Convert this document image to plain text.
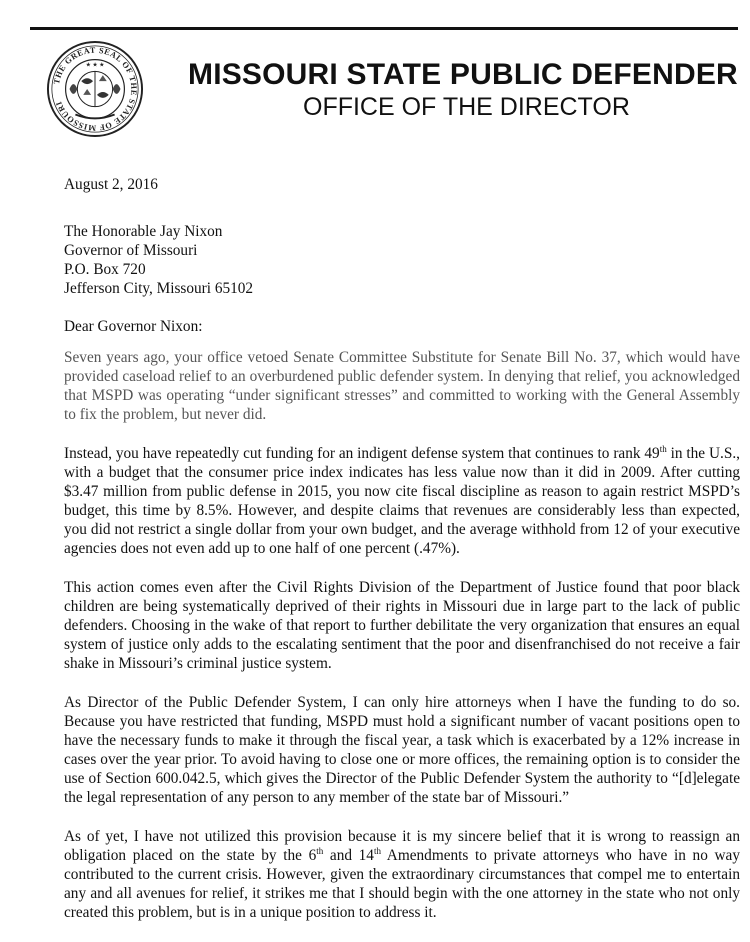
THE GREAT SEAL OF THE STATE OF MISSOURI
★ ★ ★	MISSOURI STATE PUBLIC DEFENDER
OFFICE OF THE DIRECTOR
August 2, 2016
The Honorable Jay Nixon
Governor of Missouri
P.O. Box 720
Jefferson City, Missouri 65102
Dear Governor Nixon:
Seven years ago, your office vetoed Senate Committee Substitute for Senate Bill No. 37, which would have provided caseload relief to an overburdened public defender system. In denying that relief, you acknowledged that MSPD was operating “under significant stresses” and committed to working with the General Assembly to fix the problem, but never did.
Instead, you have repeatedly cut funding for an indigent defense system that continues to rank 49th in the U.S., with a budget that the consumer price index indicates has less value now than it did in 2009. After cutting $3.47 million from public defense in 2015, you now cite fiscal discipline as reason to again restrict MSPD’s budget, this time by 8.5%. However, and despite claims that revenues are considerably less than expected, you did not restrict a single dollar from your own budget, and the average withhold from 12 of your executive agencies does not even add up to one half of one percent (.47%).
This action comes even after the Civil Rights Division of the Department of Justice found that poor black children are being systematically deprived of their rights in Missouri due in large part to the lack of public defenders. Choosing in the wake of that report to further debilitate the very organization that ensures an equal system of justice only adds to the escalating sentiment that the poor and disenfranchised do not receive a fair shake in Missouri’s criminal justice system.
As Director of the Public Defender System, I can only hire attorneys when I have the funding to do so. Because you have restricted that funding, MSPD must hold a significant number of vacant positions open to have the necessary funds to make it through the fiscal year, a task which is exacerbated by a 12% increase in cases over the year prior. To avoid having to close one or more offices, the remaining option is to consider the use of Section 600.042.5, which gives the Director of the Public Defender System the authority to “[d]elegate the legal representation of any person to any member of the state bar of Missouri.”
As of yet, I have not utilized this provision because it is my sincere belief that it is wrong to reassign an obligation placed on the state by the 6th and 14th Amendments to private attorneys who have in no way contributed to the current crisis. However, given the extraordinary circumstances that compel me to entertain any and all avenues for relief, it strikes me that I should begin with the one attorney in the state who not only created this problem, but is in a unique position to address it.
